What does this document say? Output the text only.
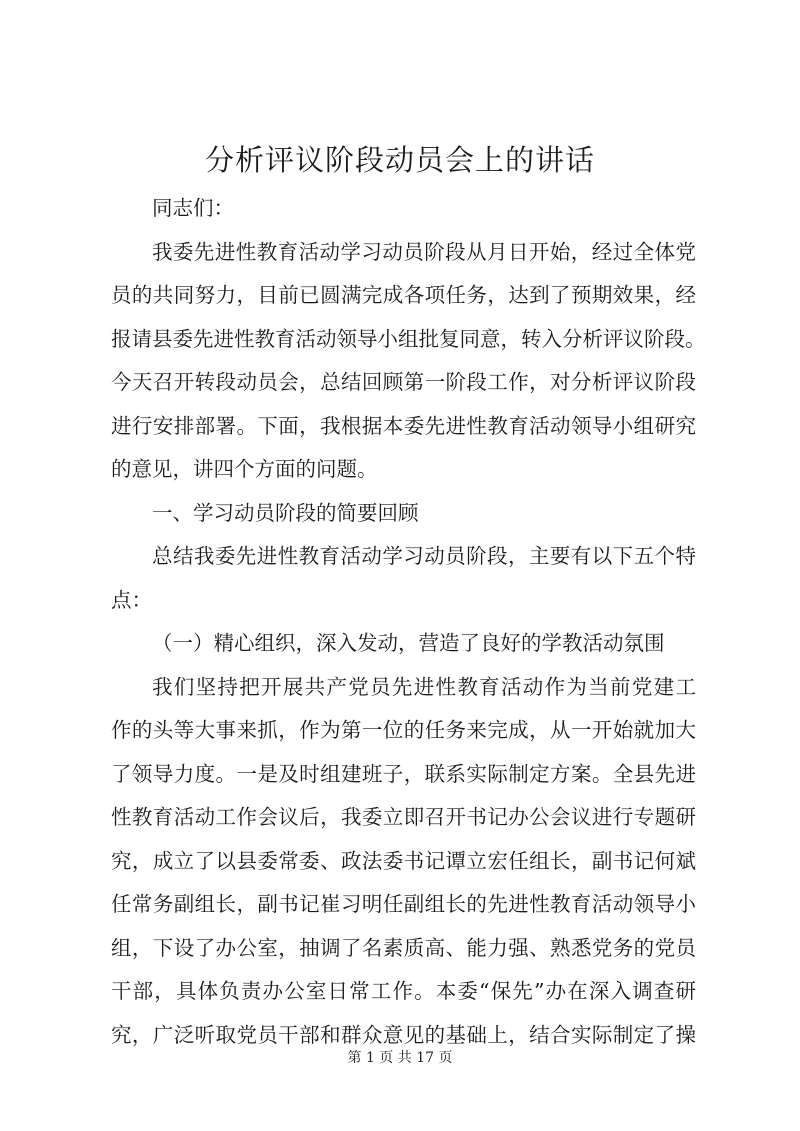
分析评议阶段动员会上的讲话
同志们：
我委先进性教育活动学习动员阶段从月日开始，经过全体党
员的共同努力，目前已圆满完成各项任务，达到了预期效果，经
报请县委先进性教育活动领导小组批复同意，转入分析评议阶段。
今天召开转段动员会，总结回顾第一阶段工作，对分析评议阶段
进行安排部署。下面，我根据本委先进性教育活动领导小组研究
的意见，讲四个方面的问题。
一、学习动员阶段的简要回顾
总结我委先进性教育活动学习动员阶段，主要有以下五个特
点：
（一）精心组织，深入发动，营造了良好的学教活动氛围
我们坚持把开展共产党员先进性教育活动作为当前党建工
作的头等大事来抓，作为第一位的任务来完成，从一开始就加大
了领导力度。一是及时组建班子，联系实际制定方案。全县先进
性教育活动工作会议后，我委立即召开书记办公会议进行专题研
究，成立了以县委常委、政法委书记谭立宏任组长，副书记何斌
任常务副组长，副书记崔习明任副组长的先进性教育活动领导小
组，下设了办公室，抽调了名素质高、能力强、熟悉党务的党员
干部，具体负责办公室日常工作。本委“保先”办在深入调查研
究，广泛听取党员干部和群众意见的基础上，结合实际制定了操
第 1 页 共 17 页
